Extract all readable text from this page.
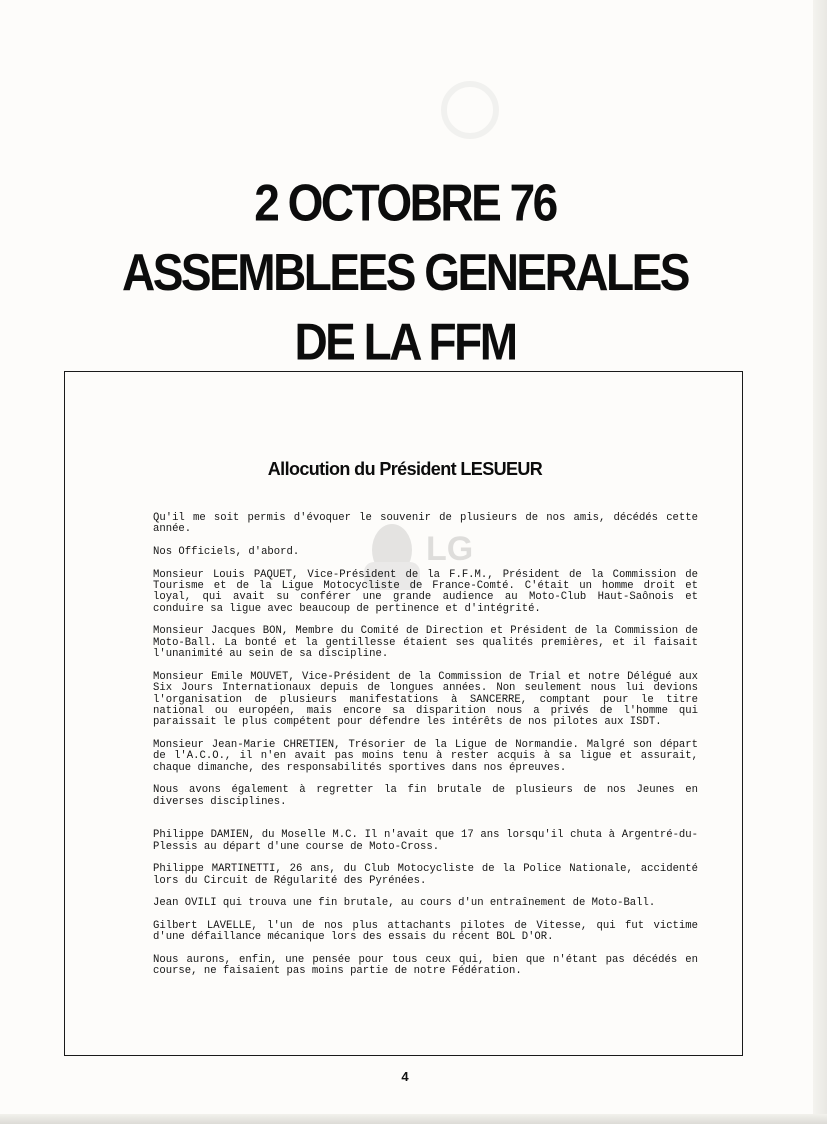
2 OCTOBRE 76
ASSEMBLEES GENERALES
DE LA FFM
Allocution du Président LESUEUR
LG

Qu'il me soit permis d'évoquer le souvenir de plusieurs de nos amis, décédés cette année.

Nos Officiels, d'abord.

Monsieur Louis PAQUET, Vice-Président de la F.F.M., Président de la Commission de Tourisme et de la Ligue Motocycliste de France-Comté. C'était un homme droit et loyal, qui avait su conférer une grande audience au Moto-Club Haut-Saônois et conduire sa ligue avec beaucoup de pertinence et d'intégrité.

Monsieur Jacques BON, Membre du Comité de Direction et Président de la Commission de Moto-Ball. La bonté et la gentillesse étaient ses qualités premières, et il faisait l'unanimité au sein de sa discipline.

Monsieur Emile MOUVET, Vice-Président de la Commission de Trial et notre Délégué aux Six Jours Internationaux depuis de longues années. Non seulement nous lui devions l'organisation de plusieurs manifestations à SANCERRE, comptant pour le titre national ou européen, mais encore sa disparition nous a privés de l'homme qui paraissait le plus compétent pour défendre les intérêts de nos pilotes aux ISDT.

Monsieur Jean-Marie CHRETIEN, Trésorier de la Ligue de Normandie. Malgré son départ de l'A.C.O., il n'en avait pas moins tenu à rester acquis à sa ligue et assurait, chaque dimanche, des responsabilités sportives dans nos épreuves.

Nous avons également à regretter la fin brutale de plusieurs de nos Jeunes en diverses disciplines.

Philippe DAMIEN, du Moselle M.C. Il n'avait que 17 ans lorsqu'il chuta à Argentré-du-Plessis au départ d'une course de Moto-Cross.

Philippe MARTINETTI, 26 ans, du Club Motocycliste de la Police Nationale, accidenté lors du Circuit de Régularité des Pyrénées.

Jean OVILI qui trouva une fin brutale, au cours d'un entraînement de Moto-Ball.

Gilbert LAVELLE, l'un de nos plus attachants pilotes de Vitesse, qui fut victime d'une défaillance mécanique lors des essais du récent BOL D'OR.

Nous aurons, enfin, une pensée pour tous ceux qui, bien que n'étant pas décédés en course, ne faisaient pas moins partie de notre Fédération.

4
